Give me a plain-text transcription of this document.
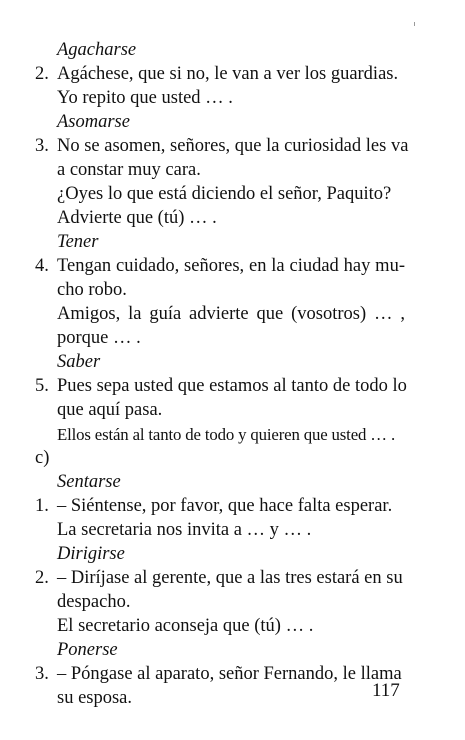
Agacharse
2. Agáchese, que si no, le van a ver los guardias.
Yo repito que usted … .
Asomarse
3. No se asomen, señores, que la curiosidad les va
a constar muy cara.
¿Oyes lo que está diciendo el señor, Paquito?
Advierte que (tú) … .
Tener
4. Tengan cuidado, señores, en la ciudad hay mu-
cho robo.
Amigos, la guía advierte que (vosotros) … ,
porque … .
Saber
5. Pues sepa usted que estamos al tanto de todo lo
que aquí pasa.
Ellos están al tanto de todo y quieren que usted … .
c)
Sentarse
1. – Siéntense, por favor, que hace falta esperar.
La secretaria nos invita a … y … .
Dirigirse
2. – Diríjase al gerente, que a las tres estará en su
despacho.
El secretario aconseja que (tú) … .
Ponerse
3. – Póngase al aparato, señor Fernando, le llama
su esposa.	117
